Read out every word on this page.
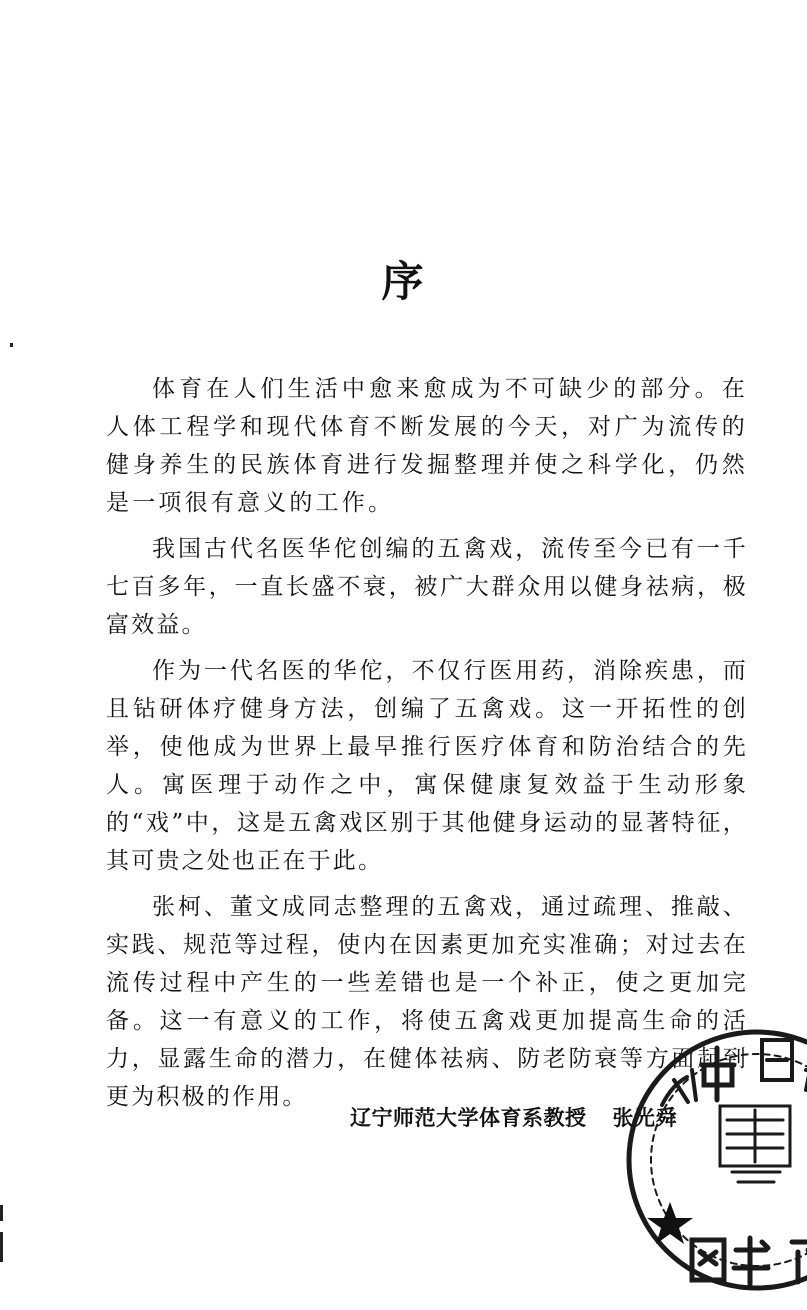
序

体育在人们生活中愈来愈成为不可缺少的部分。在人体工程学和现代体育不断发展的今天，对广为流传的健身养生的民族体育进行发掘整理并使之科学化，仍然是一项很有意义的工作。

我国古代名医华佗创编的五禽戏，流传至今已有一千七百多年，一直长盛不衰，被广大群众用以健身祛病，极富效益。

作为一代名医的华佗，不仅行医用药，消除疾患，而且钻研体疗健身方法，创编了五禽戏。这一开拓性的创举，使他成为世界上最早推行医疗体育和防治结合的先人。寓医理于动作之中，寓保健康复效益于生动形象的“戏”中，这是五禽戏区别于其他健身运动的显著特征，其可贵之处也正在于此。

张柯、董文成同志整理的五禽戏，通过疏理、推敲、实践、规范等过程，使内在因素更加充实准确；对过去在流传过程中产生的一些差错也是一个补正，使之更加完备。这一有意义的工作，将使五禽戏更加提高生命的活力，显露生命的潜力，在健体祛病、防老防衰等方面起到更为积极的作用。

辽宁师范大学体育系教授 张光舜
